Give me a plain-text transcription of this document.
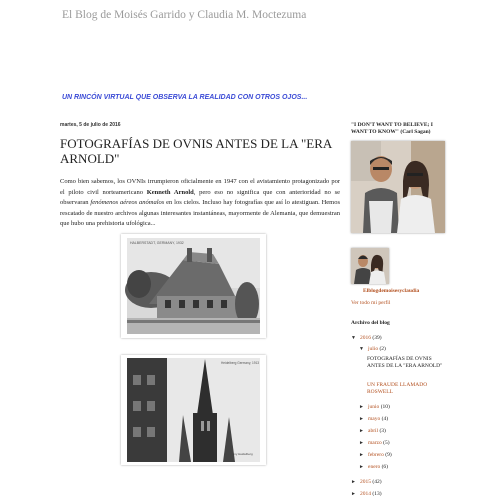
El Blog de Moisés Garrido y Claudia M. Moctezuma
UN RINCÓN VIRTUAL QUE OBSERVA LA REALIDAD CON OTROS OJOS...
martes, 5 de julio de 2016
FOTOGRAFÍAS DE OVNIS ANTES DE LA "ERA ARNOLD"
Como bien sabemos, los OVNIs irrumpieron oficialmente en 1947 con el avistamiento protagonizado por el piloto civil norteamericano Kenneth Arnold, pero eso no significa que con anterioridad no se observaran fenómenos aéreos anómalos en los cielos. Incluso hay fotografías que así lo atestiguan. Hemos rescatado de nuestro archivos algunas interesantes instantáneas, mayormente de Alemania, que demuestran que hubo una prehistoria ufológica...
HALBERSTADT, GERMANY, 1932
Heidelberg Germany, 1913
Germany Heidelberg
"I DON'T WANT TO BELIEVE; I WANT TO KNOW" (Carl Sagan)
Elblogdemoisesyclaudia
Ver todo mi perfil
Archivo del blog
▼ 2016 (39)
▼ julio (2)
FOTOGRAFÍAS DE OVNIS ANTES DE LA "ERA ARNOLD"
UN FRAUDE LLAMADO ROSWELL
► junio (10)
► mayo (4)
► abril (3)
► marzo (5)
► febrero (9)
► enero (6)
► 2015 (42)
► 2014 (13)
